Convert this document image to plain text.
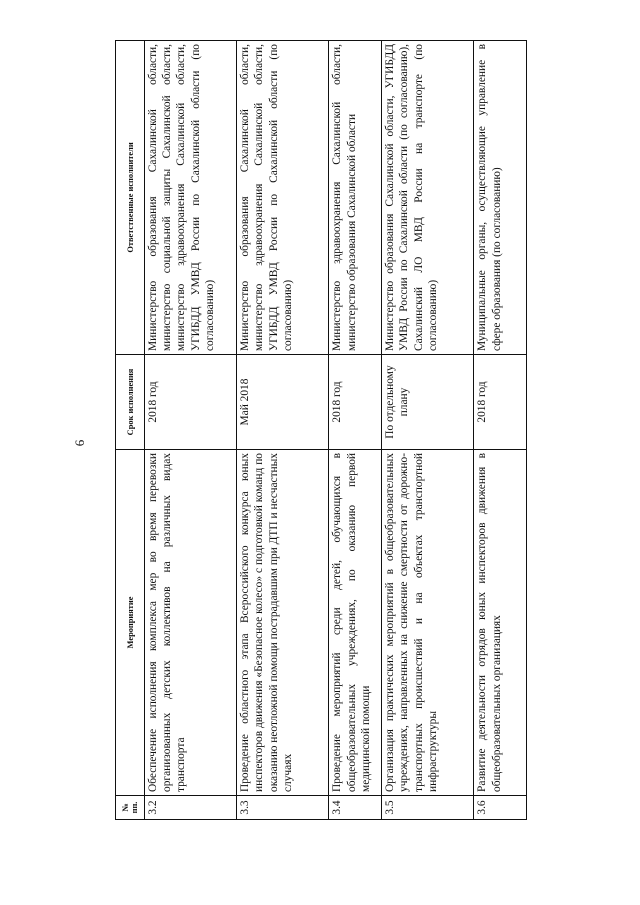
6
№ пп.	Мероприятие	Срок исполнения	Ответственные исполнители
3.2	Обеспечение исполнения комплекса мер во время перевозки организованных детских коллективов на различных видах транспорта	2018 год	Министерство образования Сахалинской области, министерство социальной защиты Сахалинской области, министерство здравоохранения Сахалинской области, УГИБДД УМВД России по Сахалинской области (по согласованию)
3.3	Проведение областного этапа Всероссийского конкурса юных инспекторов движения «Безопасное колесо» с подготовкой команд по оказанию неотложной помощи пострадавшим при ДТП и несчастных случаях	Май 2018	Министерство образования Сахалинской области, министерство здравоохранения Сахалинской области, УГИБДД УМВД России по Сахалинской области (по согласованию)
3.4	Проведение мероприятий среди детей, обучающихся в общеобразовательных учреждениях, по оказанию первой медицинской помощи	2018 год	Министерство здравоохранения Сахалинской области, министерство образования Сахалинской области
3.5	Организация практических мероприятий в общеобразовательных учреждениях, направленных на снижение смертности от дорожно-транспортных происшествий и на объектах транспортной инфраструктуры	По отдельному плану	Министерство образования Сахалинской области, УГИБДД УМВД России по Сахалинской области (по согласованию), Сахалинский ЛО МВД России на транспорте (по согласованию)
3.6	Развитие деятельности отрядов юных инспекторов движения в общеобразовательных организациях	2018 год	Муниципальные органы, осуществляющие управление в сфере образования (по согласованию)
